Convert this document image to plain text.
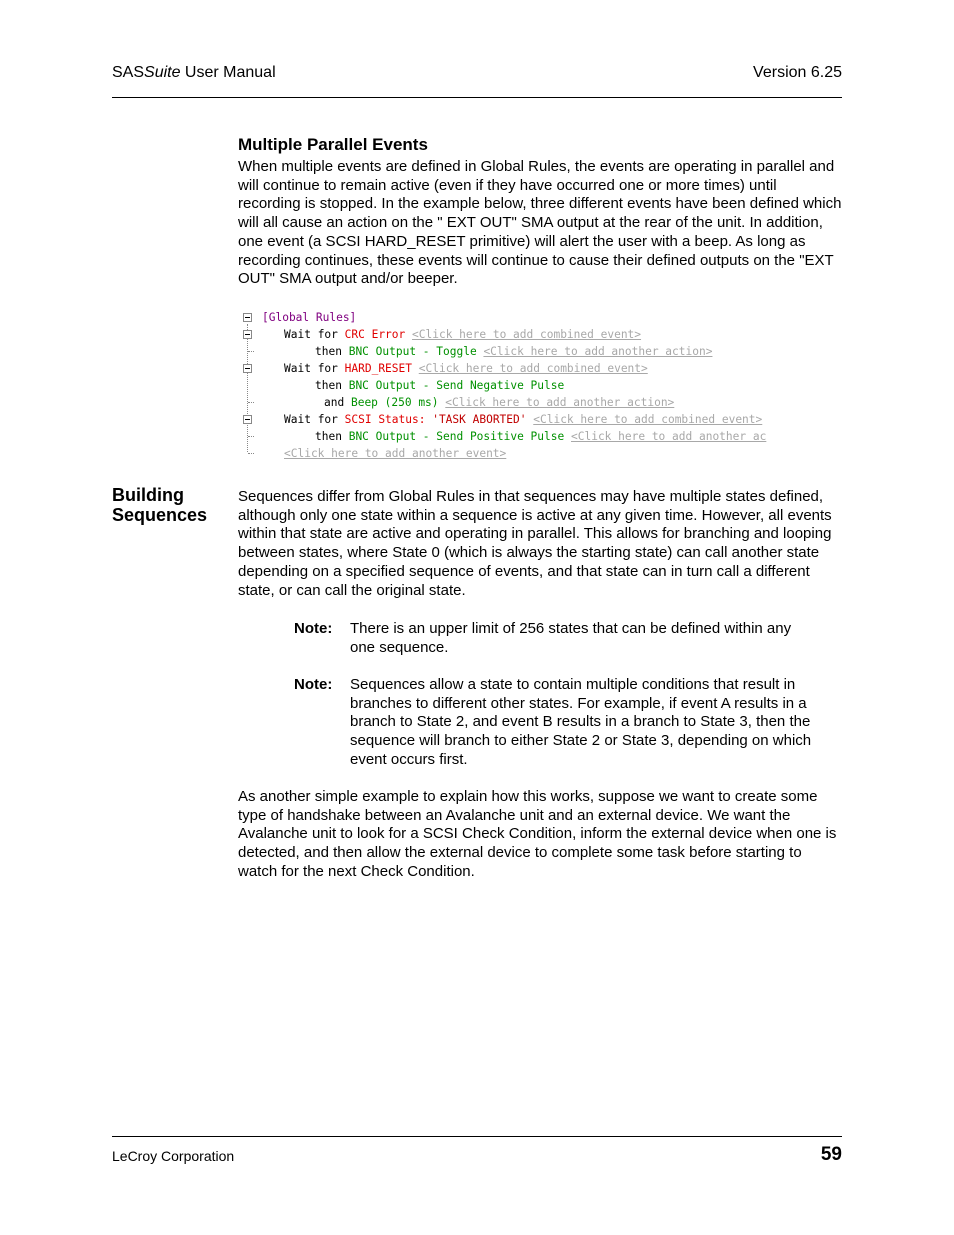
SASSuite User Manual	Version 6.25
Multiple Parallel Events
When multiple events are defined in Global Rules, the events are operating in parallel and will continue to remain active (even if they have occurred one or more times) until recording is stopped. In the example below, three different events have been defined which will all cause an action on the " EXT OUT" SMA output at the rear of the unit. In addition, one event (a SCSI HARD_RESET primitive) will alert the user with a beep. As long as recording continues, these events will continue to cause their defined outputs on the "EXT OUT" SMA output and/or beeper.
[Global Rules]
Wait for CRC Error <Click here to add combined event>
then BNC Output - Toggle <Click here to add another action>
Wait for HARD_RESET <Click here to add combined event>
then BNC Output - Send Negative Pulse
and Beep (250 ms) <Click here to add another action>
Wait for SCSI Status: 'TASK ABORTED' <Click here to add combined event>
then BNC Output - Send Positive Pulse <Click here to add another ac
<Click here to add another event>
Building
Sequences
Sequences differ from Global Rules in that sequences may have multiple states defined, although only one state within a sequence is active at any given time. However, all events within that state are active and operating in parallel. This allows for branching and looping between states, where State 0 (which is always the starting state) can call another state depending on a specified sequence of events, and that state can in turn call a different state, or can call the original state.
Note: There is an upper limit of 256 states that can be defined within any one sequence.
Note: Sequences allow a state to contain multiple conditions that result in branches to different other states. For example, if event A results in a branch to State 2, and event B results in a branch to State 3, then the sequence will branch to either State 2 or State 3, depending on which event occurs first.
As another simple example to explain how this works, suppose we want to create some type of handshake between an Avalanche unit and an external device. We want the Avalanche unit to look for a SCSI Check Condition, inform the external device when one is detected, and then allow the external device to complete some task before starting to watch for the next Check Condition.
LeCroy Corporation	59
